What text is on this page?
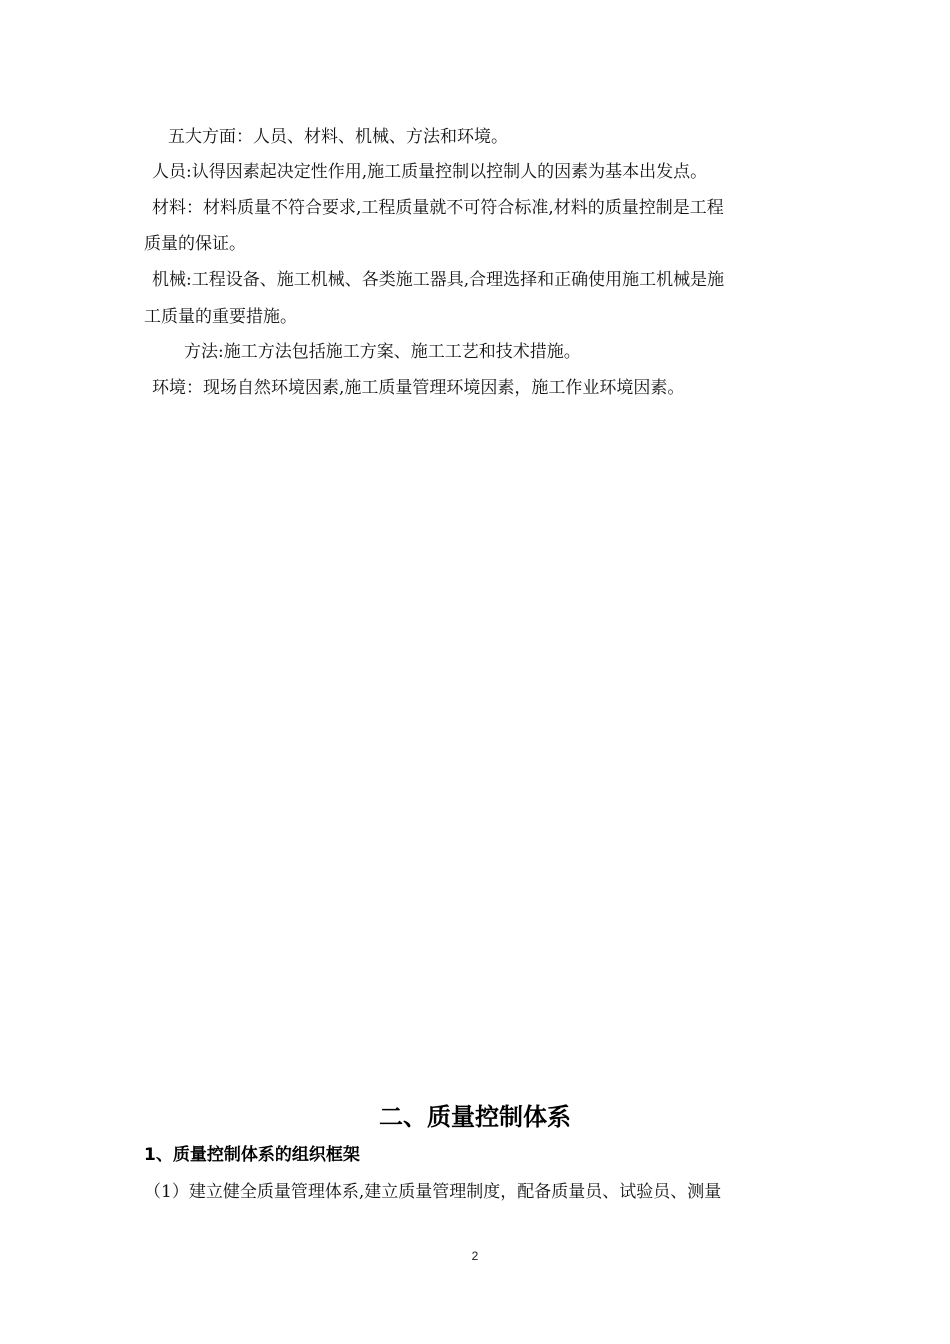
五大方面：人员、材料、机械、方法和环境。
人员:认得因素起决定性作用,施工质量控制以控制人的因素为基本出发点。
材料：材料质量不符合要求,工程质量就不可符合标准,材料的质量控制是工程
质量的保证。
机械:工程设备、施工机械、各类施工器具,合理选择和正确使用施工机械是施
工质量的重要措施。
方法:施工方法包括施工方案、施工工艺和技术措施。
环境：现场自然环境因素,施工质量管理环境因素，施工作业环境因素。
二、质量控制体系
1、质量控制体系的组织框架
（1）建立健全质量管理体系,建立质量管理制度，配备质量员、试验员、测量
2
